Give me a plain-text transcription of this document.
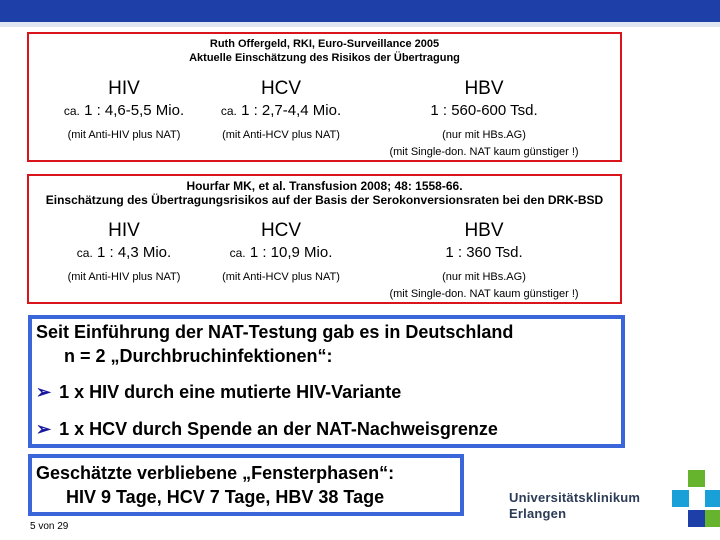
Ruth Offergeld, RKI, Euro-Surveillance 2005
Aktuelle Einschätzung des Risikos der Übertragung
HIV
ca. 1 : 4,6-5,5 Mio.
(mit Anti-HIV plus NAT)
HCV
ca. 1 : 2,7-4,4 Mio.
(mit Anti-HCV plus NAT)
HBV
1 : 560-600 Tsd.
(nur mit HBs.AG)
(mit Single-don. NAT kaum günstiger !)
Hourfar MK, et al. Transfusion 2008; 48: 1558-66.
Einschätzung des Übertragungsrisikos auf der Basis der Serokonversionsraten bei den DRK-BSD
HIV
ca. 1 : 4,3 Mio.
(mit Anti-HIV plus NAT)
HCV
ca. 1 : 10,9 Mio.
(mit Anti-HCV plus NAT)
HBV
1 : 360 Tsd.
(nur mit HBs.AG)
(mit Single-don. NAT kaum günstiger !)
Seit Einführung der NAT-Testung gab es in Deutschland
n = 2 „Durchbruchinfektionen“:
➢ 1 x HIV durch eine mutierte HIV-Variante
➢ 1 x HCV durch Spende an der NAT-Nachweisgrenze
Geschätzte verbliebene „Fensterphasen“:
HIV 9 Tage, HCV 7 Tage, HBV 38 Tage
5 von 29
Universitätsklinikum
Erlangen
